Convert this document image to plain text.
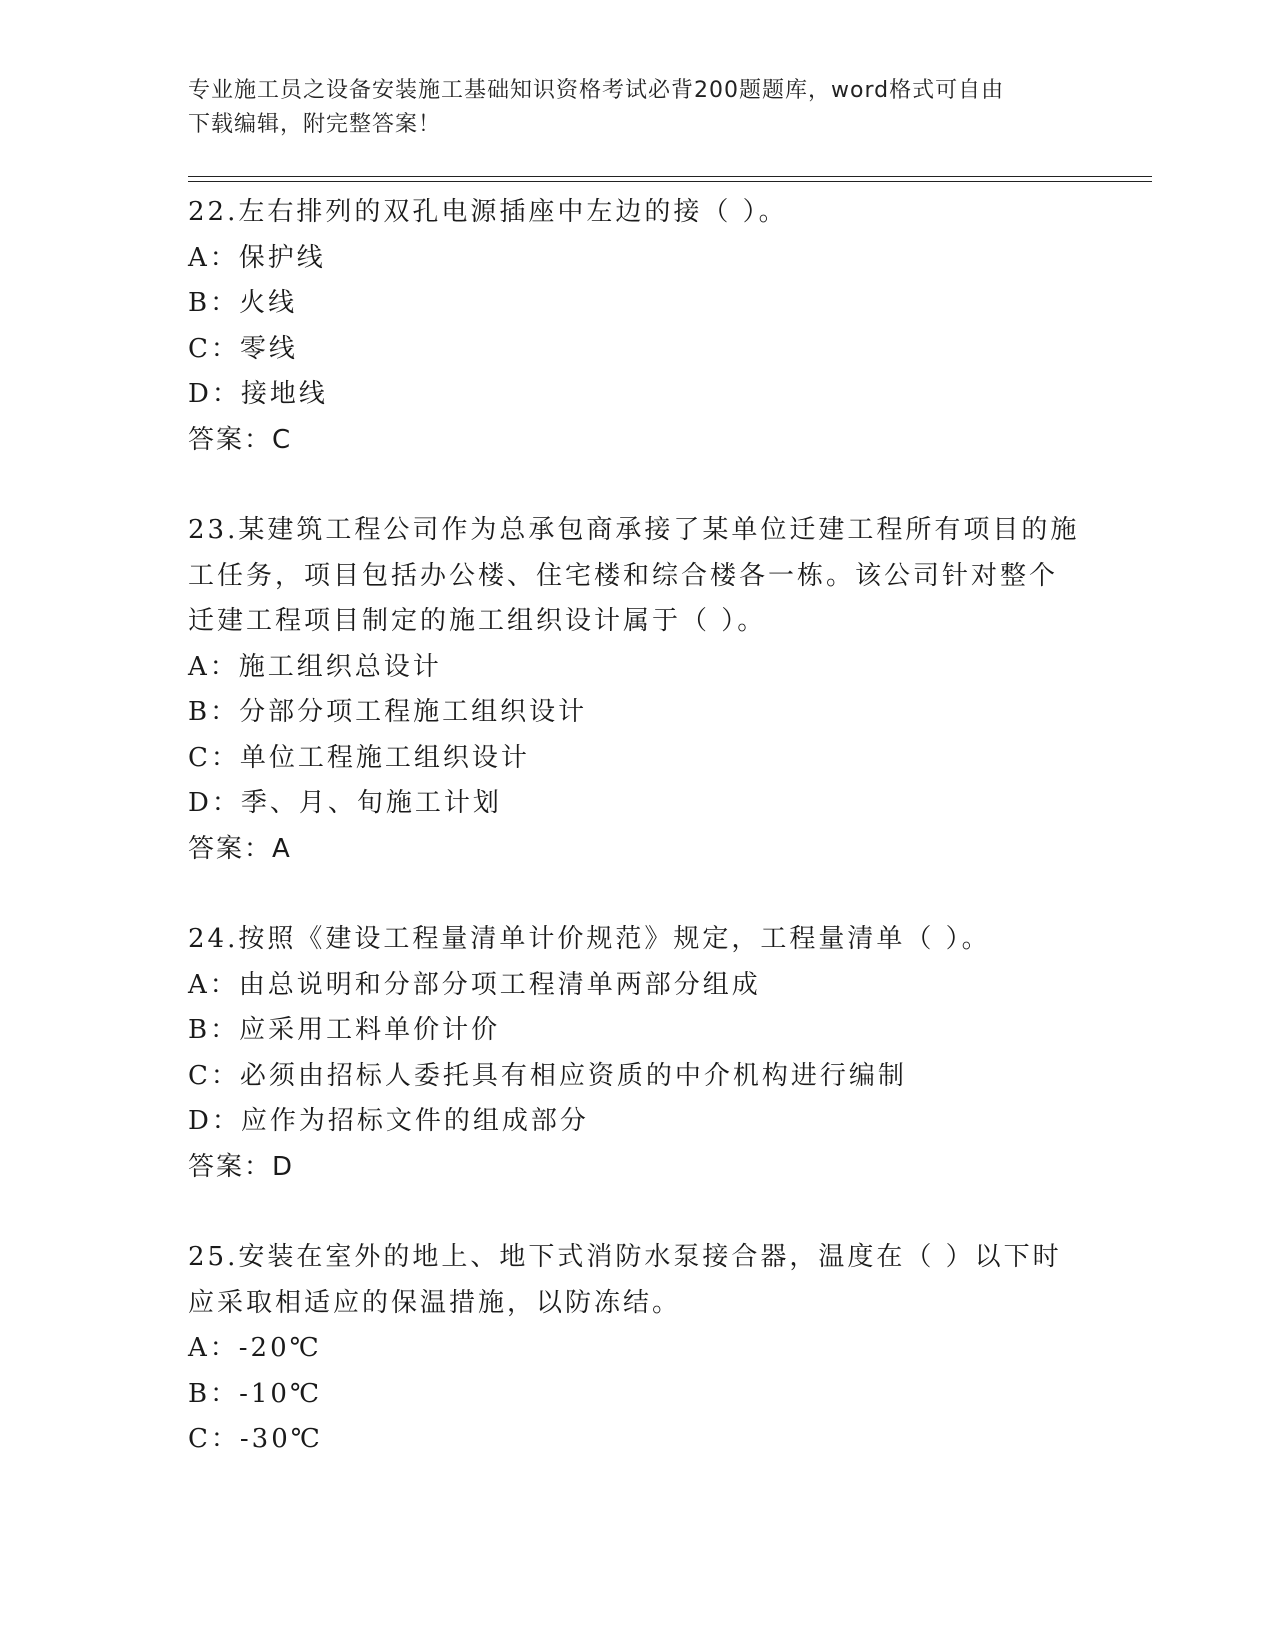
专业施工员之设备安装施工基础知识资格考试必背200题题库，word格式可自由
下载编辑，附完整答案！
22.左右排列的双孔电源插座中左边的接（ ）。
A：保护线
B：火线
C：零线
D：接地线
答案：C
23.某建筑工程公司作为总承包商承接了某单位迁建工程所有项目的施
工任务，项目包括办公楼、住宅楼和综合楼各一栋。该公司针对整个
迁建工程项目制定的施工组织设计属于（ ）。
A：施工组织总设计
B：分部分项工程施工组织设计
C：单位工程施工组织设计
D：季、月、旬施工计划
答案：A
24.按照《建设工程量清单计价规范》规定，工程量清单（ ）。
A：由总说明和分部分项工程清单两部分组成
B：应采用工料单价计价
C：必须由招标人委托具有相应资质的中介机构进行编制
D：应作为招标文件的组成部分
答案：D
25.安装在室外的地上、地下式消防水泵接合器，温度在（ ）以下时
应采取相适应的保温措施，以防冻结。
A：-20℃
B：-10℃
C：-30℃
